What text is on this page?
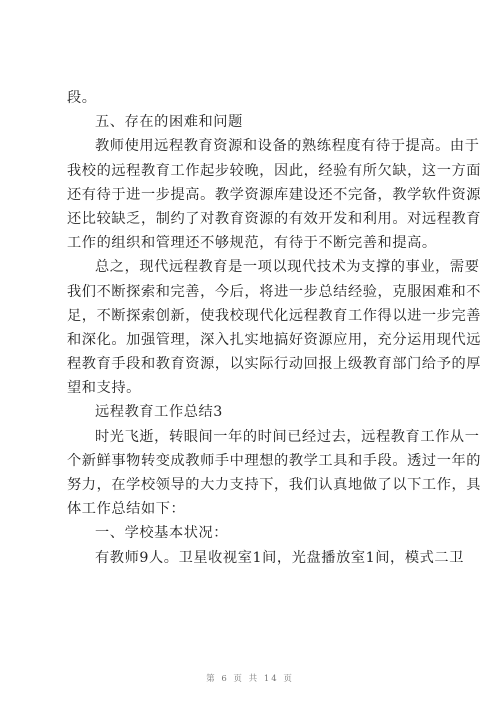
段。
五、存在的困难和问题
教师使用远程教育资源和设备的熟练程度有待于提高。由于
我校的远程教育工作起步较晚，因此，经验有所欠缺，这一方面
还有待于进一步提高。教学资源库建设还不完备，教学软件资源
还比较缺乏，制约了对教育资源的有效开发和利用。对远程教育
工作的组织和管理还不够规范，有待于不断完善和提高。
总之，现代远程教育是一项以现代技术为支撑的事业，需要
我们不断探索和完善，今后，将进一步总结经验，克服困难和不
足，不断探索创新，使我校现代化远程教育工作得以进一步完善
和深化。加强管理，深入扎实地搞好资源应用，充分运用现代远
程教育手段和教育资源，以实际行动回报上级教育部门给予的厚
望和支持。
远程教育工作总结3
时光飞逝，转眼间一年的时间已经过去，远程教育工作从一
个新鲜事物转变成教师手中理想的教学工具和手段。透过一年的
努力，在学校领导的大力支持下，我们认真地做了以下工作，具
体工作总结如下：
一、学校基本状况：
有教师9人。卫星收视室1间，光盘播放室1间，模式二卫
第 6 页 共 14 页
